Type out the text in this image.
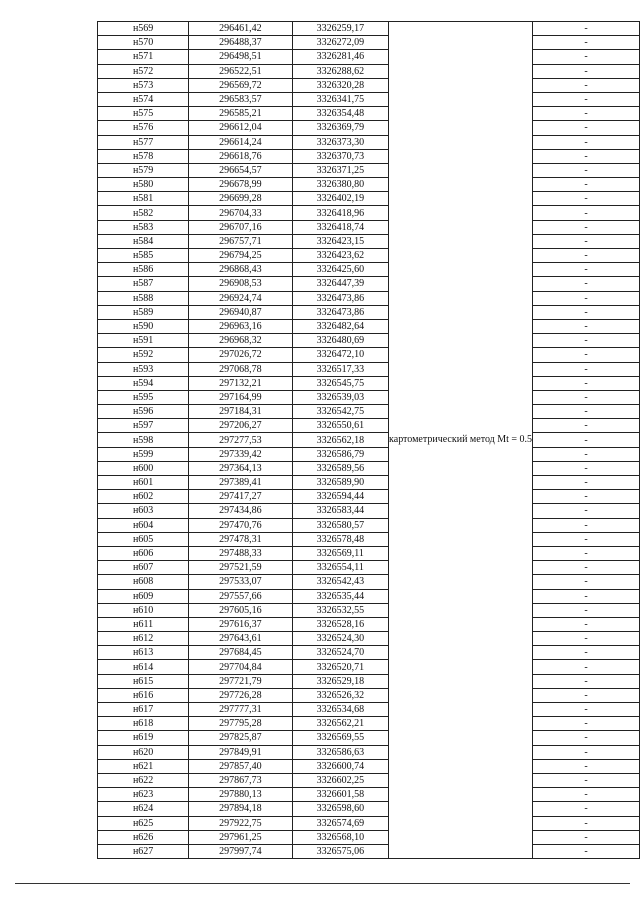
н569	296461,42	3326259,17	картометрический метод Mt = 0.5	-
н570	296488,37	3326272,09		-
н571	296498,51	3326281,46		-
н572	296522,51	3326288,62		-
н573	296569,72	3326320,28		-
н574	296583,57	3326341,75		-
н575	296585,21	3326354,48		-
н576	296612,04	3326369,79		-
н577	296614,24	3326373,30		-
н578	296618,76	3326370,73		-
н579	296654,57	3326371,25		-
н580	296678,99	3326380,80		-
н581	296699,28	3326402,19		-
н582	296704,33	3326418,96		-
н583	296707,16	3326418,74		-
н584	296757,71	3326423,15		-
н585	296794,25	3326423,62		-
н586	296868,43	3326425,60		-
н587	296908,53	3326447,39		-
н588	296924,74	3326473,86		-
н589	296940,87	3326473,86		-
н590	296963,16	3326482,64		-
н591	296968,32	3326480,69		-
н592	297026,72	3326472,10		-
н593	297068,78	3326517,33		-
н594	297132,21	3326545,75		-
н595	297164,99	3326539,03		-
н596	297184,31	3326542,75		-
н597	297206,27	3326550,61		-
н598	297277,53	3326562,18		-
н599	297339,42	3326586,79		-
н600	297364,13	3326589,56		-
н601	297389,41	3326589,90		-
н602	297417,27	3326594,44		-
н603	297434,86	3326583,44		-
н604	297470,76	3326580,57		-
н605	297478,31	3326578,48		-
н606	297488,33	3326569,11		-
н607	297521,59	3326554,11		-
н608	297533,07	3326542,43		-
н609	297557,66	3326535,44		-
н610	297605,16	3326532,55		-
н611	297616,37	3326528,16		-
н612	297643,61	3326524,30		-
н613	297684,45	3326524,70		-
н614	297704,84	3326520,71		-
н615	297721,79	3326529,18		-
н616	297726,28	3326526,32		-
н617	297777,31	3326534,68		-
н618	297795,28	3326562,21		-
н619	297825,87	3326569,55		-
н620	297849,91	3326586,63		-
н621	297857,40	3326600,74		-
н622	297867,73	3326602,25		-
н623	297880,13	3326601,58		-
н624	297894,18	3326598,60		-
н625	297922,75	3326574,69		-
н626	297961,25	3326568,10		-
н627	297997,74	3326575,06		-
